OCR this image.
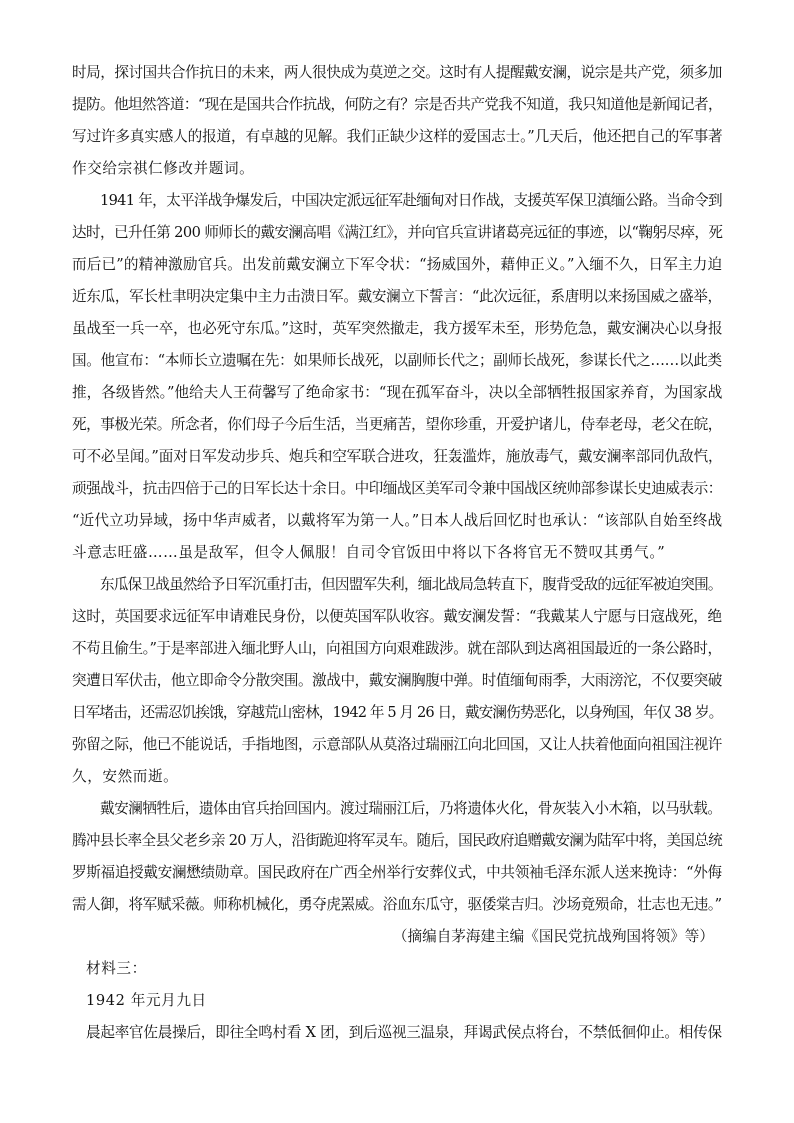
时局，探讨国共合作抗日的未来，两人很快成为莫逆之交。这时有人提醒戴安澜，说宗是共产党，须多加
提防。他坦然答道：“现在是国共合作抗战，何防之有？宗是否共产党我不知道，我只知道他是新闻记者，
写过许多真实感人的报道，有卓越的见解。我们正缺少这样的爱国志士。”几天后，他还把自己的军事著
作交给宗祺仁修改并题词。
1941 年，太平洋战争爆发后，中国决定派远征军赴缅甸对日作战，支援英军保卫滇缅公路。当命令到
达时，已升任第 200 师师长的戴安澜高唱《满江红》，并向官兵宣讲诸葛亮远征的事迹，以“鞠躬尽瘁，死
而后已”的精神激励官兵。出发前戴安澜立下军令状：“扬威国外，藉伸正义。”入缅不久，日军主力迫
近东瓜，军长杜聿明决定集中主力击溃日军。戴安澜立下誓言：“此次远征，系唐明以来扬国威之盛举，
虽战至一兵一卒，也必死守东瓜。”这时，英军突然撤走，我方援军未至，形势危急，戴安澜决心以身报
国。他宣布：“本师长立遗嘱在先：如果师长战死，以副师长代之；副师长战死，参谋长代之……以此类
推，各级皆然。”他给夫人王荷馨写了绝命家书：“现在孤军奋斗，决以全部牺牲报国家养育，为国家战
死，事极光荣。所念者，你们母子今后生活，当更痛苦，望你珍重，开爱护诸儿，侍奉老母，老父在皖，
可不必呈闻。”面对日军发动步兵、炮兵和空军联合进攻，狂轰滥炸，施放毒气，戴安澜率部同仇敌忾，
顽强战斗，抗击四倍于己的日军长达十余日。中印缅战区美军司令兼中国战区统帅部参谋长史迪威表示：
“近代立功异域，扬中华声威者，以戴将军为第一人。”日本人战后回忆时也承认：“该部队自始至终战
斗意志旺盛……虽是敌军，但令人佩服！自司令官饭田中将以下各将官无不赞叹其勇气。”
东瓜保卫战虽然给予日军沉重打击，但因盟军失利，缅北战局急转直下，腹背受敌的远征军被迫突围。
这时，英国要求远征军申请难民身份，以便英国军队收容。戴安澜发誓：“我戴某人宁愿与日寇战死，绝
不苟且偷生。”于是率部进入缅北野人山，向祖国方向艰难跋涉。就在部队到达离祖国最近的一条公路时，
突遭日军伏击，他立即命令分散突围。激战中，戴安澜胸腹中弹。时值缅甸雨季，大雨滂沱，不仅要突破
日军堵击，还需忍饥挨饿，穿越荒山密林，1942 年 5 月 26 日，戴安澜伤势恶化，以身殉国，年仅 38 岁。
弥留之际，他已不能说话，手指地图，示意部队从莫洛过瑞丽江向北回国，又让人扶着他面向祖国注视许
久，安然而逝。
戴安澜牺牲后，遗体由官兵抬回国内。渡过瑞丽江后，乃将遗体火化，骨灰装入小木箱，以马驮载。
腾冲县长率全县父老乡亲 20 万人，沿街跪迎将军灵车。随后，国民政府追赠戴安澜为陆军中将，美国总统
罗斯福追授戴安澜懋绩勋章。国民政府在广西全州举行安葬仪式，中共领袖毛泽东派人送来挽诗：“外侮
需人御，将军赋采薇。师称机械化，勇夺虎罴威。浴血东瓜守，驱倭棠吉归。沙场竟殒命，壮志也无违。”
（摘编自茅海建主编《国民党抗战殉国将领》等）
材料三：
1942 年元月九日
晨起率官佐晨操后，即往全鸣村看 X 团，到后巡视三温泉，拜谒武侯点将台，不禁低徊仰止。相传保
